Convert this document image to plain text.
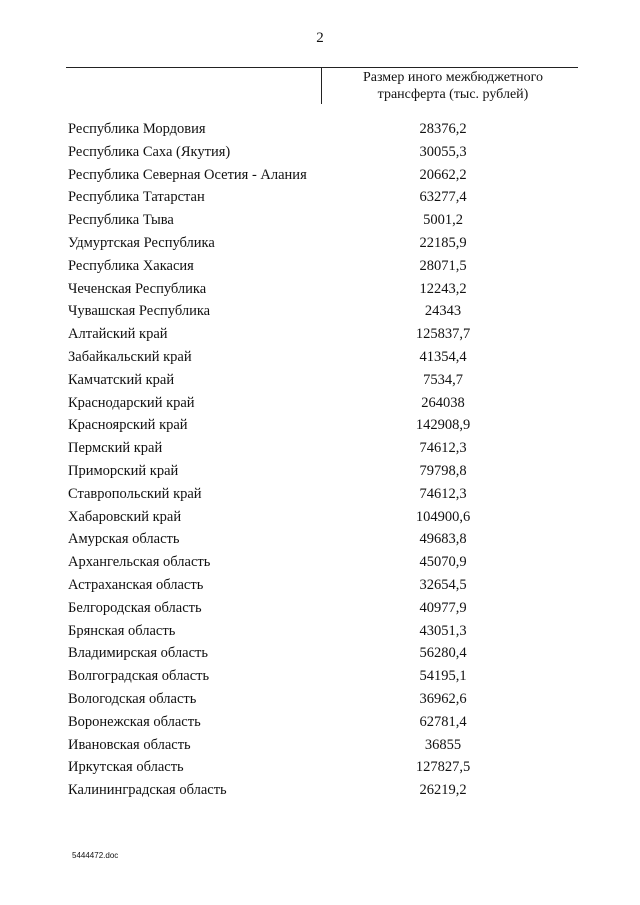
2
Размер иного межбюджетного трансферта (тыс. рублей)
Республика Мордовия	28376,2
Республика Саха (Якутия)	30055,3
Республика Северная Осетия - Алания	20662,2
Республика Татарстан	63277,4
Республика Тыва	5001,2
Удмуртская Республика	22185,9
Республика Хакасия	28071,5
Чеченская Республика	12243,2
Чувашская Республика	24343
Алтайский край	125837,7
Забайкальский край	41354,4
Камчатский край	7534,7
Краснодарский край	264038
Красноярский край	142908,9
Пермский край	74612,3
Приморский край	79798,8
Ставропольский край	74612,3
Хабаровский край	104900,6
Амурская область	49683,8
Архангельская область	45070,9
Астраханская область	32654,5
Белгородская область	40977,9
Брянская область	43051,3
Владимирская область	56280,4
Волгоградская область	54195,1
Вологодская область	36962,6
Воронежская область	62781,4
Ивановская область	36855
Иркутская область	127827,5
Калининградская область	26219,2
5444472.doc
